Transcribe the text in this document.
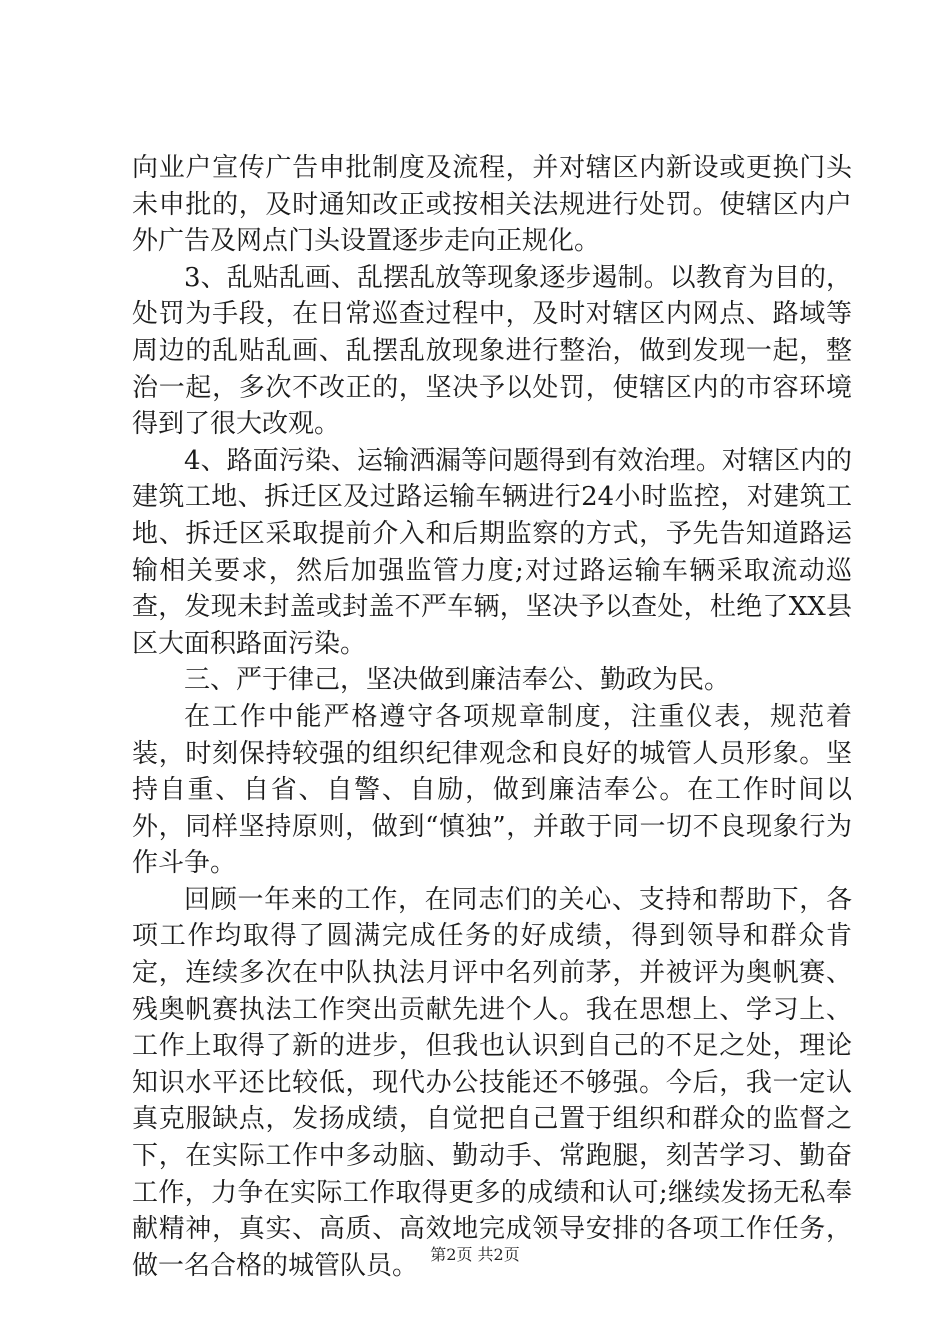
向业户宣传广告申批制度及流程，并对辖区内新设或更换门头未申批的，及时通知改正或按相关法规进行处罚。使辖区内户外广告及网点门头设置逐步走向正规化。

3、乱贴乱画、乱摆乱放等现象逐步遏制。以教育为目的，处罚为手段，在日常巡查过程中，及时对辖区内网点、路域等周边的乱贴乱画、乱摆乱放现象进行整治，做到发现一起，整治一起，多次不改正的，坚决予以处罚，使辖区内的市容环境得到了很大改观。

4、路面污染、运输洒漏等问题得到有效治理。对辖区内的建筑工地、拆迁区及过路运输车辆进行24小时监控，对建筑工地、拆迁区采取提前介入和后期监察的方式，予先告知道路运输相关要求，然后加强监管力度;对过路运输车辆采取流动巡查，发现未封盖或封盖不严车辆，坚决予以查处，杜绝了XX县区大面积路面污染。

三、严于律己，坚决做到廉洁奉公、勤政为民。

在工作中能严格遵守各项规章制度，注重仪表，规范着装，时刻保持较强的组织纪律观念和良好的城管人员形象。坚持自重、自省、自警、自励，做到廉洁奉公。在工作时间以外，同样坚持原则，做到“慎独”，并敢于同一切不良现象行为作斗争。

回顾一年来的工作，在同志们的关心、支持和帮助下，各项工作均取得了圆满完成任务的好成绩，得到领导和群众肯定，连续多次在中队执法月评中名列前茅，并被评为奥帆赛、残奥帆赛执法工作突出贡献先进个人。我在思想上、学习上、工作上取得了新的进步，但我也认识到自己的不足之处，理论知识水平还比较低，现代办公技能还不够强。今后，我一定认真克服缺点，发扬成绩，自觉把自己置于组织和群众的监督之下，在实际工作中多动脑、勤动手、常跑腿，刻苦学习、勤奋工作，力争在实际工作取得更多的成绩和认可;继续发扬无私奉献精神，真实、高质、高效地完成领导安排的各项工作任务，做一名合格的城管队员。 第2页 共2页
